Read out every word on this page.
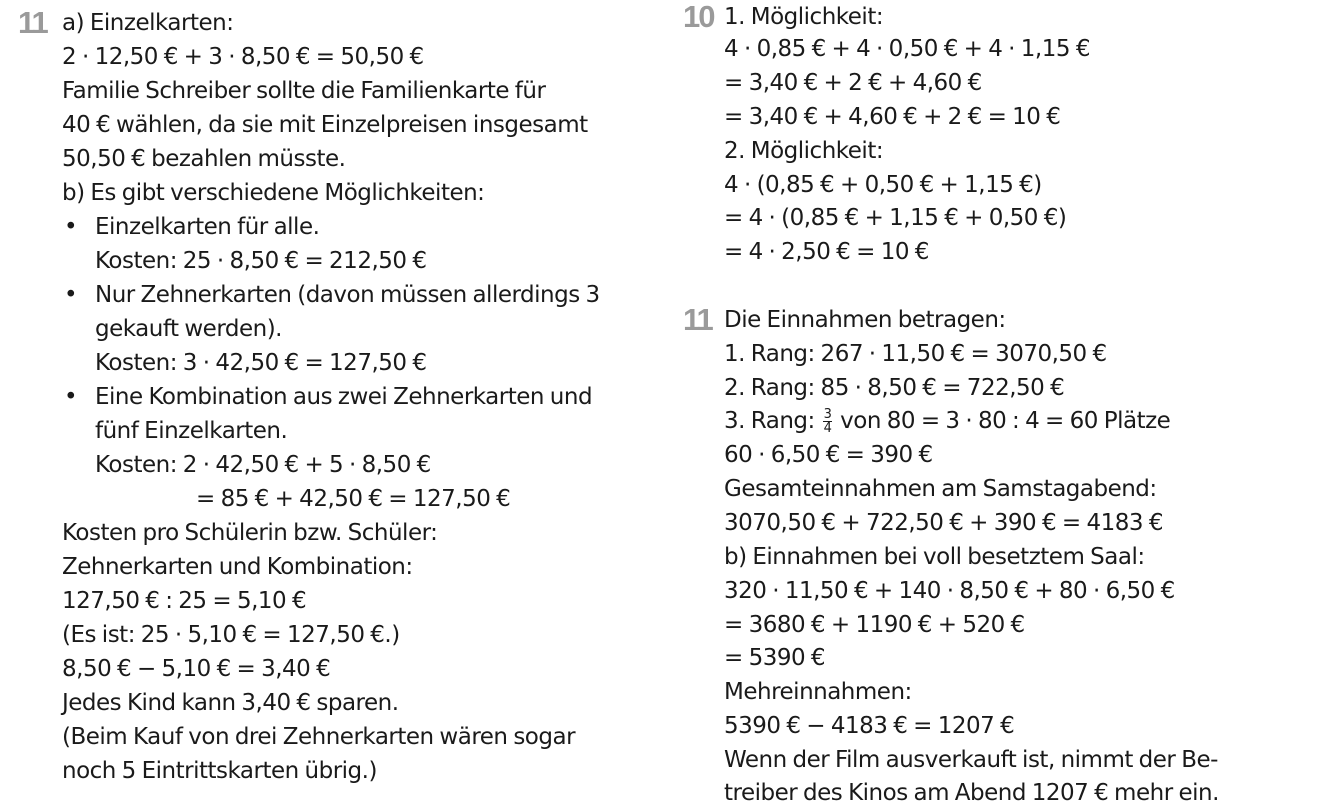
11 a) Einzelkarten:
2 · 12,50 € + 3 · 8,50 € = 50,50 €
Familie Schreiber sollte die Familienkarte für
40 € wählen, da sie mit Einzelpreisen insgesamt
50,50 € bezahlen müsste.
b) Es gibt verschiedene Möglichkeiten:
• Einzelkarten für alle.
Kosten: 25 · 8,50 € = 212,50 €
• Nur Zehnerkarten (davon müssen allerdings 3
gekauft werden).
Kosten: 3 · 42,50 € = 127,50 €
• Eine Kombination aus zwei Zehnerkarten und
fünf Einzelkarten.
Kosten: 2 · 42,50 € + 5 · 8,50 €
= 85 € + 42,50 € = 127,50 €
Kosten pro Schülerin bzw. Schüler:
Zehnerkarten und Kombination:
127,50 € : 25 = 5,10 €
(Es ist: 25 · 5,10 € = 127,50 €.)
8,50 € − 5,10 € = 3,40 €
Jedes Kind kann 3,40 € sparen.
(Beim Kauf von drei Zehnerkarten wären sogar
noch 5 Eintrittskarten übrig.)
10 1. Möglichkeit:
4 · 0,85 € + 4 · 0,50 € + 4 · 1,15 €
= 3,40 € + 2 € + 4,60 €
= 3,40 € + 4,60 € + 2 € = 10 €
2. Möglichkeit:
4 · (0,85 € + 0,50 € + 1,15 €)
= 4 · (0,85 € + 1,15 € + 0,50 €)
= 4 · 2,50 € = 10 €
11 Die Einnahmen betragen:
1. Rang: 267 · 11,50 € = 3070,50 €
2. Rang: 85 · 8,50 € = 722,50 €
3. Rang: $\frac{3}{4}$ von 80 = 3 · 80 : 4 = 60 Plätze
60 · 6,50 € = 390 €
Gesamteinnahmen am Samstagabend:
3070,50 € + 722,50 € + 390 € = 4183 €
b) Einnahmen bei voll besetztem Saal:
320 · 11,50 € + 140 · 8,50 € + 80 · 6,50 €
= 3680 € + 1190 € + 520 €
= 5390 €
Mehreinnahmen:
5390 € − 4183 € = 1207 €
Wenn der Film ausverkauft ist, nimmt der Be-
treiber des Kinos am Abend 1207 € mehr ein.
